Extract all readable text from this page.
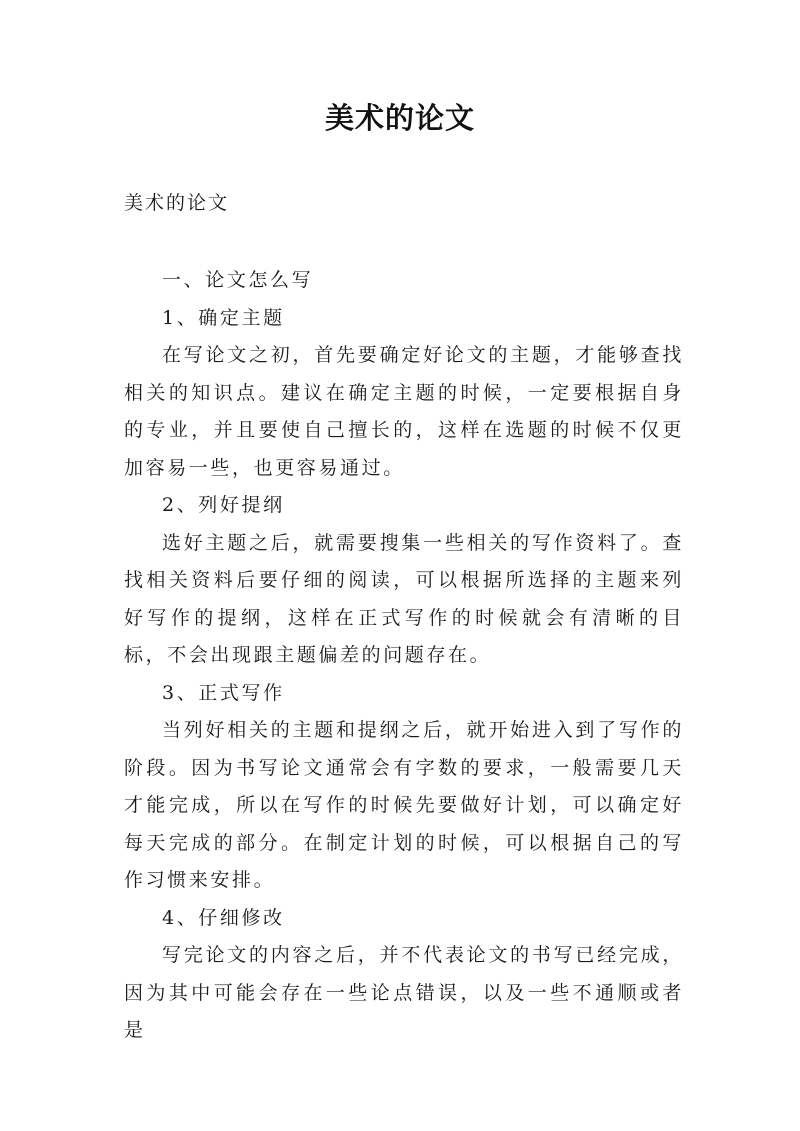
美术的论文
美术的论文

一、论文怎么写

1、确定主题

在写论文之初，首先要确定好论文的主题，才能够查找相关的知识点。建议在确定主题的时候，一定要根据自身的专业，并且要使自己擅长的，这样在选题的时候不仅更加容易一些，也更容易通过。

2、列好提纲

选好主题之后，就需要搜集一些相关的写作资料了。查找相关资料后要仔细的阅读，可以根据所选择的主题来列好写作的提纲，这样在正式写作的时候就会有清晰的目标，不会出现跟主题偏差的问题存在。

3、正式写作

当列好相关的主题和提纲之后，就开始进入到了写作的阶段。因为书写论文通常会有字数的要求，一般需要几天才能完成，所以在写作的时候先要做好计划，可以确定好每天完成的部分。在制定计划的时候，可以根据自己的写作习惯来安排。

4、仔细修改

写完论文的内容之后，并不代表论文的书写已经完成，因为其中可能会存在一些论点错误，以及一些不通顺或者是
